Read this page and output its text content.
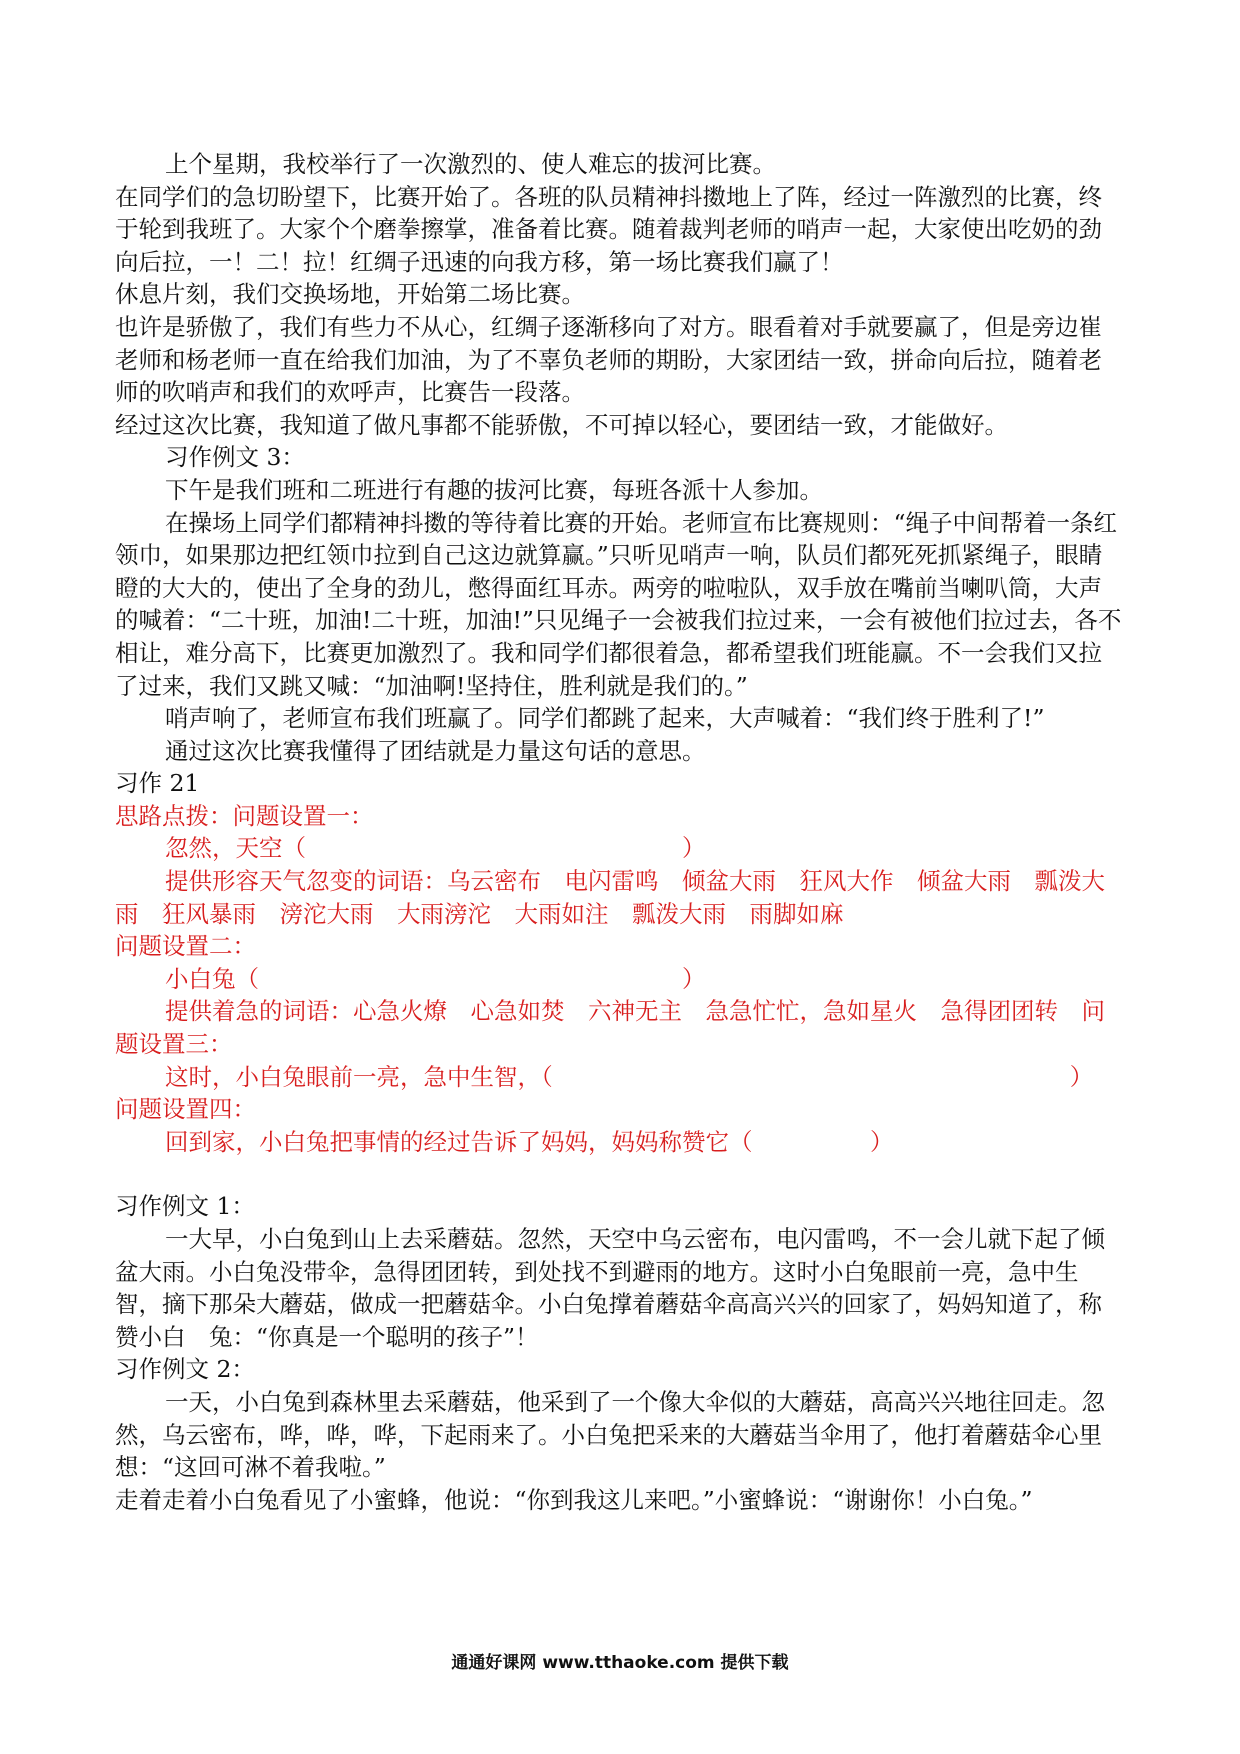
上个星期，我校举行了一次激烈的、使人难忘的拔河比赛。

在同学们的急切盼望下，比赛开始了。各班的队员精神抖擞地上了阵，经过一阵激烈的比赛，终于轮到我班了。大家个个磨拳擦掌，准备着比赛。随着裁判老师的哨声一起，大家使出吃奶的劲向后拉，一！二！拉！红绸子迅速的向我方移，第一场比赛我们赢了！

休息片刻，我们交换场地，开始第二场比赛。

也许是骄傲了，我们有些力不从心，红绸子逐渐移向了对方。眼看着对手就要赢了，但是旁边崔老师和杨老师一直在给我们加油，为了不辜负老师的期盼，大家团结一致，拼命向后拉，随着老师的吹哨声和我们的欢呼声，比赛告一段落。

经过这次比赛，我知道了做凡事都不能骄傲，不可掉以轻心，要团结一致，才能做好。

习作例文 3：

下午是我们班和二班进行有趣的拔河比赛，每班各派十人参加。

在操场上同学们都精神抖擞的等待着比赛的开始。老师宣布比赛规则：“绳子中间帮着一条红领巾，如果那边把红领巾拉到自己这边就算赢。”只听见哨声一响，队员们都死死抓紧绳子，眼睛瞪的大大的，使出了全身的劲儿，憋得面红耳赤。两旁的啦啦队，双手放在嘴前当喇叭筒，大声的喊着：“二十班，加油!二十班，加油!”只见绳子一会被我们拉过来，一会有被他们拉过去，各不相让，难分高下，比赛更加激烈了。我和同学们都很着急，都希望我们班能赢。不一会我们又拉了过来，我们又跳又喊：“加油啊!坚持住，胜利就是我们的。”

哨声响了，老师宣布我们班赢了。同学们都跳了起来，大声喊着：“我们终于胜利了!”

通过这次比赛我懂得了团结就是力量这句话的意思。

习作 21

思路点拨：问题设置一：

忽然，天空（　　　　　　　　　　　　　　　　）

提供形容天气忽变的词语：乌云密布　电闪雷鸣　倾盆大雨　狂风大作　倾盆大雨　瓢泼大雨　狂风暴雨　滂沱大雨　大雨滂沱　大雨如注　瓢泼大雨　雨脚如麻

问题设置二：

小白兔（　　　　　　　　　　　　　　　　　　）

提供着急的词语：心急火燎　心急如焚　六神无主　急急忙忙，急如星火　急得团团转　问题设置三：

这时，小白兔眼前一亮，急中生智，（　　　　　　　　　　　　　　　　　　　　　　）

问题设置四：

回到家，小白兔把事情的经过告诉了妈妈，妈妈称赞它（　　　　　）

习作例文 1：

一大早，小白兔到山上去采蘑菇。忽然，天空中乌云密布，电闪雷鸣，不一会儿就下起了倾盆大雨。小白兔没带伞，急得团团转，到处找不到避雨的地方。这时小白兔眼前一亮，急中生智，摘下那朵大蘑菇，做成一把蘑菇伞。小白兔撑着蘑菇伞高高兴兴的回家了，妈妈知道了，称赞小白　兔：“你真是一个聪明的孩子”！

习作例文 2：

一天，小白兔到森林里去采蘑菇，他采到了一个像大伞似的大蘑菇，高高兴兴地往回走。忽然，乌云密布，哗，哗，哗，下起雨来了。小白兔把采来的大蘑菇当伞用了，他打着蘑菇伞心里想：“这回可淋不着我啦。”

走着走着小白兔看见了小蜜蜂，他说：“你到我这儿来吧。”小蜜蜂说：“谢谢你！小白兔。”

通通好课网 www.tthaoke.com 提供下载
